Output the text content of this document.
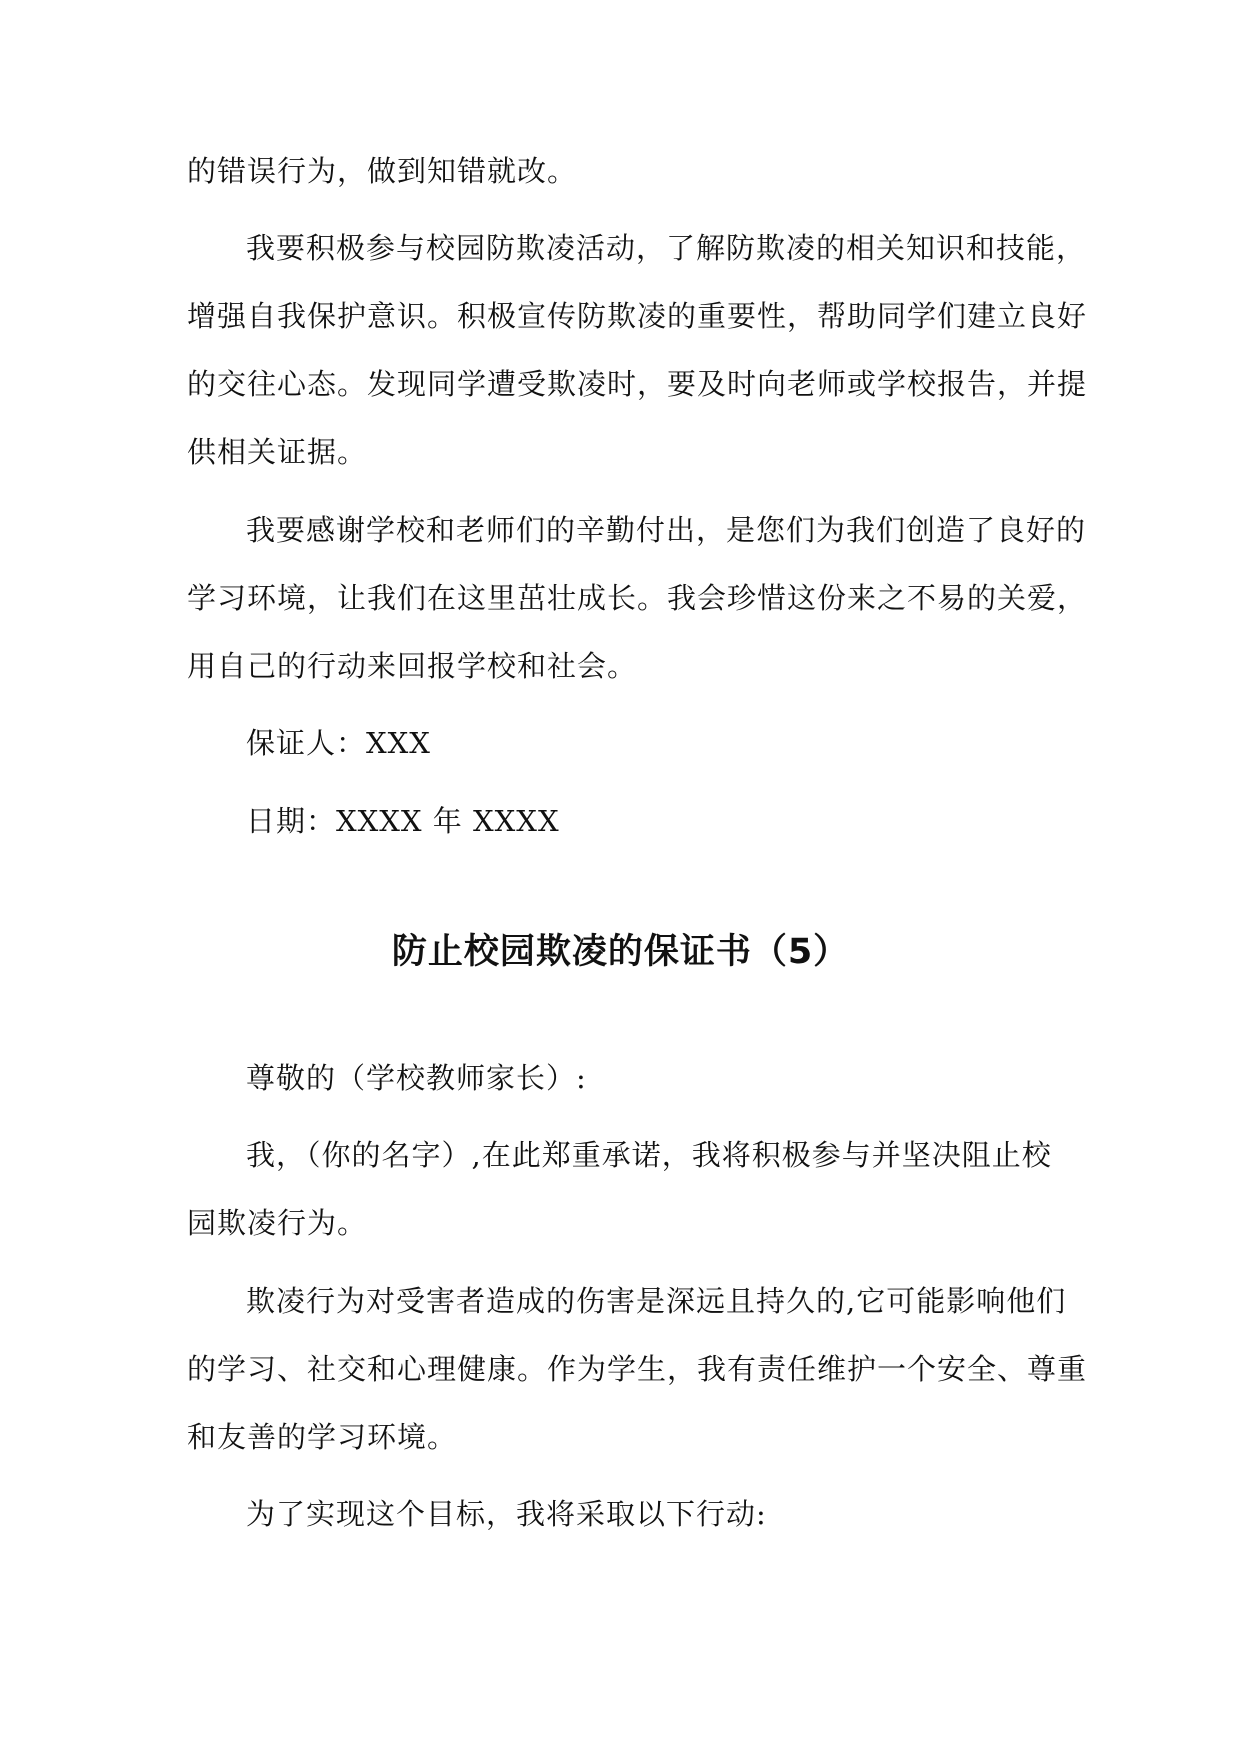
的错误行为，做到知错就改。
我要积极参与校园防欺凌活动，了解防欺凌的相关知识和技能，
增强自我保护意识。积极宣传防欺凌的重要性，帮助同学们建立良好
的交往心态。发现同学遭受欺凌时，要及时向老师或学校报告，并提
供相关证据。
我要感谢学校和老师们的辛勤付出，是您们为我们创造了良好的
学习环境，让我们在这里茁壮成长。我会珍惜这份来之不易的关爱，
用自己的行动来回报学校和社会。
保证人：XXX
日期：XXXX 年 XXXX
防止校园欺凌的保证书（5）
尊敬的（学校教师家长）:
我，（你的名字）,在此郑重承诺，我将积极参与并坚决阻止校
园欺凌行为。
欺凌行为对受害者造成的伤害是深远且持久的,它可能影响他们
的学习、社交和心理健康。作为学生，我有责任维护一个安全、尊重
和友善的学习环境。
为了实现这个目标，我将采取以下行动:
